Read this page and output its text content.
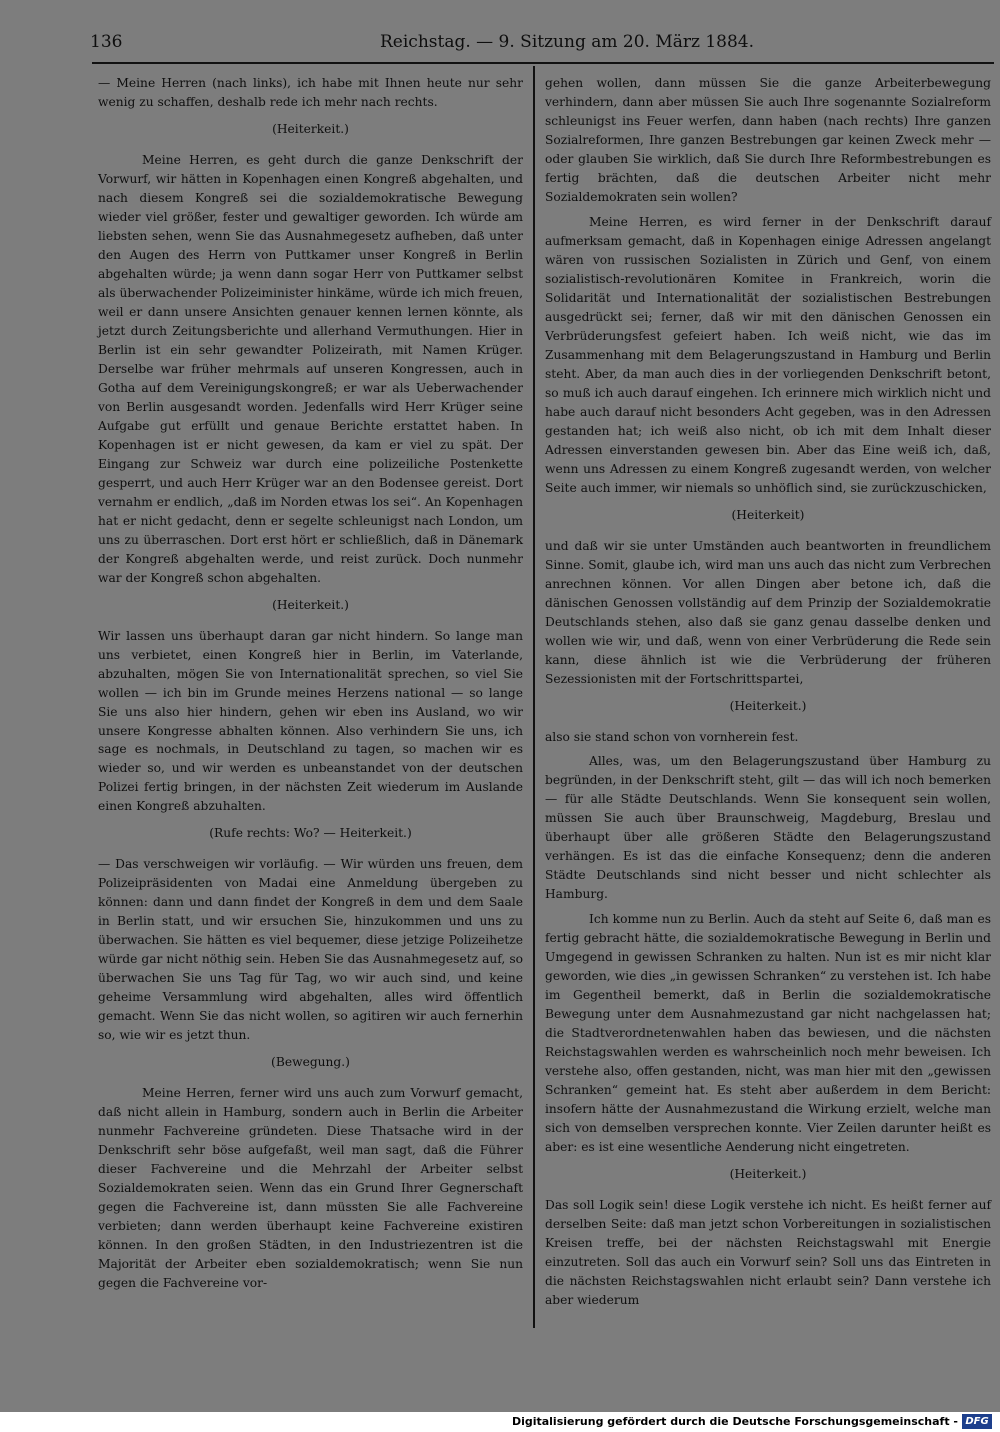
136	Reichstag. — 9. Sitzung am 20. März 1884.

— Meine Herren (nach links), ich habe mit Ihnen heute nur sehr wenig zu schaffen, deshalb rede ich mehr nach rechts.

(Heiterkeit.)

Meine Herren, es geht durch die ganze Denkschrift der Vorwurf, wir hätten in Kopenhagen einen Kongreß abgehalten, und nach diesem Kongreß sei die sozialdemokratische Bewegung wieder viel größer, fester und gewaltiger geworden. Ich würde am liebsten sehen, wenn Sie das Ausnahmegesetz aufheben, daß unter den Augen des Herrn von Puttkamer unser Kongreß in Berlin abgehalten würde; ja wenn dann sogar Herr von Puttkamer selbst als überwachender Polizeiminister hinkäme, würde ich mich freuen, weil er dann unsere Ansichten genauer kennen lernen könnte, als jetzt durch Zeitungsberichte und allerhand Vermuthungen. Hier in Berlin ist ein sehr gewandter Polizeirath, mit Namen Krüger. Derselbe war früher mehrmals auf unseren Kongressen, auch in Gotha auf dem Vereinigungskongreß; er war als Ueberwachender von Berlin ausgesandt worden. Jedenfalls wird Herr Krüger seine Aufgabe gut erfüllt und genaue Berichte erstattet haben. In Kopenhagen ist er nicht gewesen, da kam er viel zu spät. Der Eingang zur Schweiz war durch eine polizeiliche Postenkette gesperrt, und auch Herr Krüger war an den Bodensee gereist. Dort vernahm er endlich, „daß im Norden etwas los sei“. An Kopenhagen hat er nicht gedacht, denn er segelte schleunigst nach London, um uns zu überraschen. Dort erst hört er schließlich, daß in Dänemark der Kongreß abgehalten werde, und reist zurück. Doch nunmehr war der Kongreß schon abgehalten.

(Heiterkeit.)

Wir lassen uns überhaupt daran gar nicht hindern. So lange man uns verbietet, einen Kongreß hier in Berlin, im Vaterlande, abzuhalten, mögen Sie von Internationalität sprechen, so viel Sie wollen — ich bin im Grunde meines Herzens national — so lange Sie uns also hier hindern, gehen wir eben ins Ausland, wo wir unsere Kongresse abhalten können. Also verhindern Sie uns, ich sage es nochmals, in Deutschland zu tagen, so machen wir es wieder so, und wir werden es unbeanstandet von der deutschen Polizei fertig bringen, in der nächsten Zeit wiederum im Auslande einen Kongreß abzuhalten.

(Rufe rechts: Wo? — Heiterkeit.)

— Das verschweigen wir vorläufig. — Wir würden uns freuen, dem Polizeipräsidenten von Madai eine Anmeldung übergeben zu können: dann und dann findet der Kongreß in dem und dem Saale in Berlin statt, und wir ersuchen Sie, hinzukommen und uns zu überwachen. Sie hätten es viel bequemer, diese jetzige Polizeihetze würde gar nicht nöthig sein. Heben Sie das Ausnahmegesetz auf, so überwachen Sie uns Tag für Tag, wo wir auch sind, und keine geheime Versammlung wird abgehalten, alles wird öffentlich gemacht. Wenn Sie das nicht wollen, so agitiren wir auch fernerhin so, wie wir es jetzt thun.

(Bewegung.)

Meine Herren, ferner wird uns auch zum Vorwurf gemacht, daß nicht allein in Hamburg, sondern auch in Berlin die Arbeiter nunmehr Fachvereine gründeten. Diese Thatsache wird in der Denkschrift sehr böse aufgefaßt, weil man sagt, daß die Führer dieser Fachvereine und die Mehrzahl der Arbeiter selbst Sozialdemokraten seien. Wenn das ein Grund Ihrer Gegnerschaft gegen die Fachvereine ist, dann müssten Sie alle Fachvereine verbieten; dann werden überhaupt keine Fachvereine existiren können. In den großen Städten, in den Industriezentren ist die Majorität der Arbeiter eben sozialdemokratisch; wenn Sie nun gegen die Fachvereine vor-

gehen wollen, dann müssen Sie die ganze Arbeiterbewegung verhindern, dann aber müssen Sie auch Ihre sogenannte Sozialreform schleunigst ins Feuer werfen, dann haben (nach rechts) Ihre ganzen Sozialreformen, Ihre ganzen Bestrebungen gar keinen Zweck mehr — oder glauben Sie wirklich, daß Sie durch Ihre Reformbestrebungen es fertig brächten, daß die deutschen Arbeiter nicht mehr Sozialdemokraten sein wollen?

Meine Herren, es wird ferner in der Denkschrift darauf aufmerksam gemacht, daß in Kopenhagen einige Adressen angelangt wären von russischen Sozialisten in Zürich und Genf, von einem sozialistisch-revolutionären Komitee in Frankreich, worin die Solidarität und Internationalität der sozialistischen Bestrebungen ausgedrückt sei; ferner, daß wir mit den dänischen Genossen ein Verbrüderungsfest gefeiert haben. Ich weiß nicht, wie das im Zusammenhang mit dem Belagerungszustand in Hamburg und Berlin steht. Aber, da man auch dies in der vorliegenden Denkschrift betont, so muß ich auch darauf eingehen. Ich erinnere mich wirklich nicht und habe auch darauf nicht besonders Acht gegeben, was in den Adressen gestanden hat; ich weiß also nicht, ob ich mit dem Inhalt dieser Adressen einverstanden gewesen bin. Aber das Eine weiß ich, daß, wenn uns Adressen zu einem Kongreß zugesandt werden, von welcher Seite auch immer, wir niemals so unhöflich sind, sie zurückzuschicken,

(Heiterkeit)

und daß wir sie unter Umständen auch beantworten in freundlichem Sinne. Somit, glaube ich, wird man uns auch das nicht zum Verbrechen anrechnen können. Vor allen Dingen aber betone ich, daß die dänischen Genossen vollständig auf dem Prinzip der Sozialdemokratie Deutschlands stehen, also daß sie ganz genau dasselbe denken und wollen wie wir, und daß, wenn von einer Verbrüderung die Rede sein kann, diese ähnlich ist wie die Verbrüderung der früheren Sezessionisten mit der Fortschrittspartei,

(Heiterkeit.)

also sie stand schon von vornherein fest.

Alles, was, um den Belagerungszustand über Hamburg zu begründen, in der Denkschrift steht, gilt — das will ich noch bemerken — für alle Städte Deutschlands. Wenn Sie konsequent sein wollen, müssen Sie auch über Braunschweig, Magdeburg, Breslau und überhaupt über alle größeren Städte den Belagerungszustand verhängen. Es ist das die einfache Konsequenz; denn die anderen Städte Deutschlands sind nicht besser und nicht schlechter als Hamburg.

Ich komme nun zu Berlin. Auch da steht auf Seite 6, daß man es fertig gebracht hätte, die sozialdemokratische Bewegung in Berlin und Umgegend in gewissen Schranken zu halten. Nun ist es mir nicht klar geworden, wie dies „in gewissen Schranken“ zu verstehen ist. Ich habe im Gegentheil bemerkt, daß in Berlin die sozialdemokratische Bewegung unter dem Ausnahmezustand gar nicht nachgelassen hat; die Stadtverordnetenwahlen haben das bewiesen, und die nächsten Reichstagswahlen werden es wahrscheinlich noch mehr beweisen. Ich verstehe also, offen gestanden, nicht, was man hier mit den „gewissen Schranken“ gemeint hat. Es steht aber außerdem in dem Bericht: insofern hätte der Ausnahmezustand die Wirkung erzielt, welche man sich von demselben versprechen konnte. Vier Zeilen darunter heißt es aber: es ist eine wesentliche Aenderung nicht eingetreten.

(Heiterkeit.)

Das soll Logik sein! diese Logik verstehe ich nicht. Es heißt ferner auf derselben Seite: daß man jetzt schon Vorbereitungen in sozialistischen Kreisen treffe, bei der nächsten Reichstagswahl mit Energie einzutreten. Soll das auch ein Vorwurf sein? Soll uns das Eintreten in die nächsten Reichstagswahlen nicht erlaubt sein? Dann verstehe ich aber wiederum

Digitalisierung gefördert durch die Deutsche Forschungsgemeinschaft - DFG
